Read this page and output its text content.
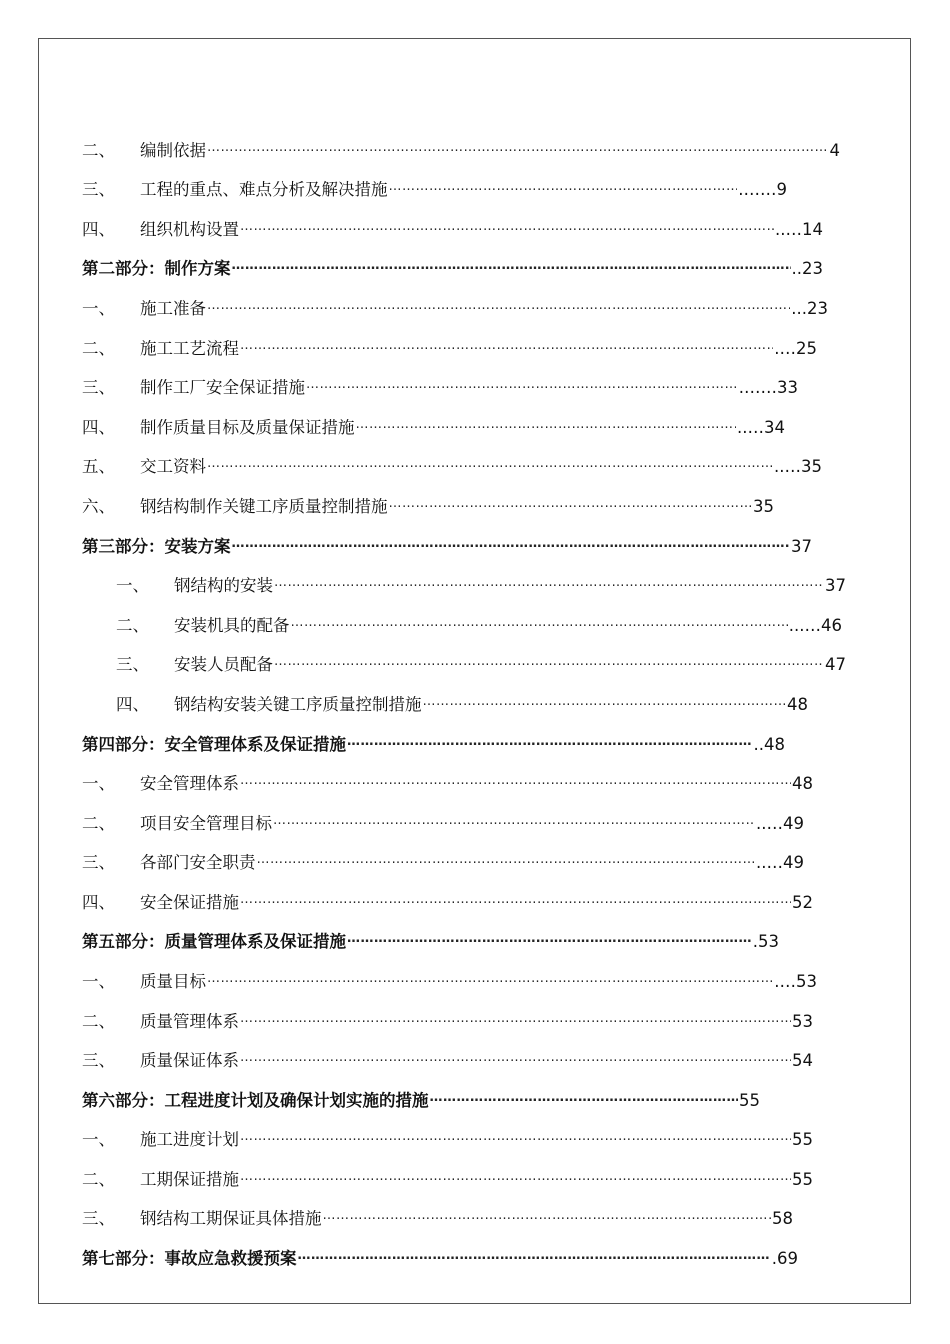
二、	编制依据 ……………………………………………………………………………………………………………………………………………………………………………………	4
三、	工程的重点、难点分析及解决措施 ……………………………………………………………………………………………………………………………………………………………………………………	.……9
四、	组织机构设置 ……………………………………………………………………………………………………………………………………………………………………………………	..…14
第二部分：制作方案 ……………………………………………………………………………………………………………………………………………………………………………………	..23
一、	施工准备 ……………………………………………………………………………………………………………………………………………………………………………………	...23
二、	施工工艺流程 ……………………………………………………………………………………………………………………………………………………………………………………	.…25
三、	制作工厂安全保证措施 ……………………………………………………………………………………………………………………………………………………………………………………	.……33
四、	制作质量目标及质量保证措施 ……………………………………………………………………………………………………………………………………………………………………………………	..…34
五、	交工资料 ……………………………………………………………………………………………………………………………………………………………………………………	..…35
六、	钢结构制作关键工序质量控制措施 ……………………………………………………………………………………………………………………………………………………………………………………	35
第三部分：安装方案 ……………………………………………………………………………………………………………………………………………………………………………………	37
一、	钢结构的安装 ……………………………………………………………………………………………………………………………………………………………………………………	37
二、	安装机具的配备 ……………………………………………………………………………………………………………………………………………………………………………………	...…46
三、	安装人员配备 ……………………………………………………………………………………………………………………………………………………………………………………	47
四、	钢结构安装关键工序质量控制措施 ……………………………………………………………………………………………………………………………………………………………………………………	48
第四部分：安全管理体系及保证措施 ……………………………………………………………………………………………………………………………………………………………………………………	..48
一、	安全管理体系 ……………………………………………………………………………………………………………………………………………………………………………………	48
二、	项目安全管理目标 ……………………………………………………………………………………………………………………………………………………………………………………	..…49
三、	各部门安全职责 ……………………………………………………………………………………………………………………………………………………………………………………	..…49
四、	安全保证措施 ……………………………………………………………………………………………………………………………………………………………………………………	52
第五部分：质量管理体系及保证措施 ……………………………………………………………………………………………………………………………………………………………………………………	.53
一、	质量目标 ……………………………………………………………………………………………………………………………………………………………………………………	.…53
二、	质量管理体系 ……………………………………………………………………………………………………………………………………………………………………………………	53
三、	质量保证体系 ……………………………………………………………………………………………………………………………………………………………………………………	54
第六部分：工程进度计划及确保计划实施的措施 ……………………………………………………………………………………………………………………………………………………………………………………	55
一、	施工进度计划 ……………………………………………………………………………………………………………………………………………………………………………………	55
二、	工期保证措施 ……………………………………………………………………………………………………………………………………………………………………………………	55
三、	钢结构工期保证具体措施 ……………………………………………………………………………………………………………………………………………………………………………………	58
第七部分：事故应急救援预案 ……………………………………………………………………………………………………………………………………………………………………………………	.69
